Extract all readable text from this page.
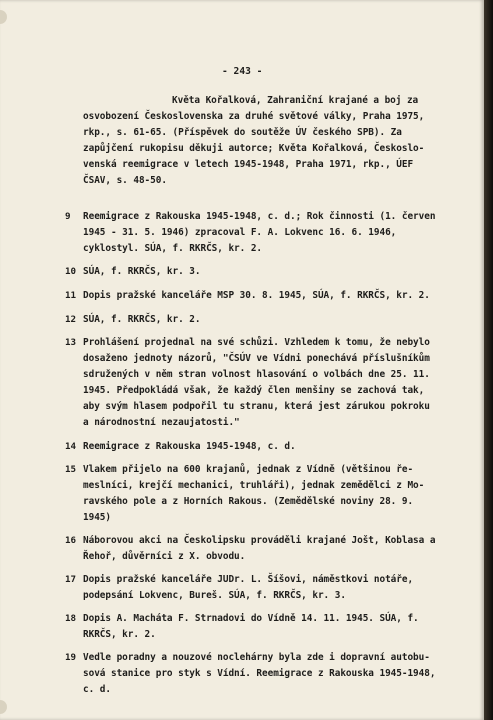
- 243 -
Květa Kořalková, Zahraniční krajané a boj za
osvobození Československa za druhé světové války, Praha 1975,
rkp., s. 61-65. (Příspěvek do soutěže ÚV českého SPB). Za
zapůjčení rukopisu děkuji autorce; Květa Kořalková, Českoslo-
venská reemigrace v letech 1945-1948, Praha 1971, rkp., ÚEF
ČSAV, s. 48-50.
9 Reemigrace z Rakouska 1945-1948, c. d.; Rok činnosti (1. červen
1945 - 31. 5. 1946) zpracoval F. A. Lokvenc 16. 6. 1946,
cyklostyl. SÚA, f. RKRČS, kr. 2.
10 SÚA, f. RKRČS, kr. 3.
11 Dopis pražské kanceláře MSP 30. 8. 1945, SÚA, f. RKRČS, kr. 2.
12 SÚA, f. RKRČS, kr. 2.
13 Prohlášení projednal na své schůzi. Vzhledem k tomu, že nebylo
dosaženo jednoty názorů, "ČSÚV ve Vídni ponechává příslušníkům
sdružených v něm stran volnost hlasování o volbách dne 25. 11.
1945. Předpokládá však, že každý člen menšiny se zachová tak,
aby svým hlasem podpořil tu stranu, která jest zárukou pokroku
a národnostní nezaujatosti."
14 Reemigrace z Rakouska 1945-1948, c. d.
15 Vlakem přijelo na 600 krajanů, jednak z Vídně (většinou ře-
meslníci, krejčí mechanici, truhláři), jednak zemědělci z Mo-
ravského pole a z Horních Rakous. (Zemědělské noviny 28. 9.
1945)
16 Náborovou akci na Českolipsku prováděli krajané Jošt, Koblasa a
Řehoř, důvěrníci z X. obvodu.
17 Dopis pražské kanceláře JUDr. L. Šíšovi, náměstkovi notáře,
podepsání Lokvenc, Bureš. SÚA, f. RKRČS, kr. 3.
18 Dopis A. Macháta F. Strnadovi do Vídně 14. 11. 1945. SÚA, f.
RKRČS, kr. 2.
19 Vedle poradny a nouzové noclehárny byla zde i dopravní autobu-
sová stanice pro styk s Vídní. Reemigrace z Rakouska 1945-1948,
c. d.
